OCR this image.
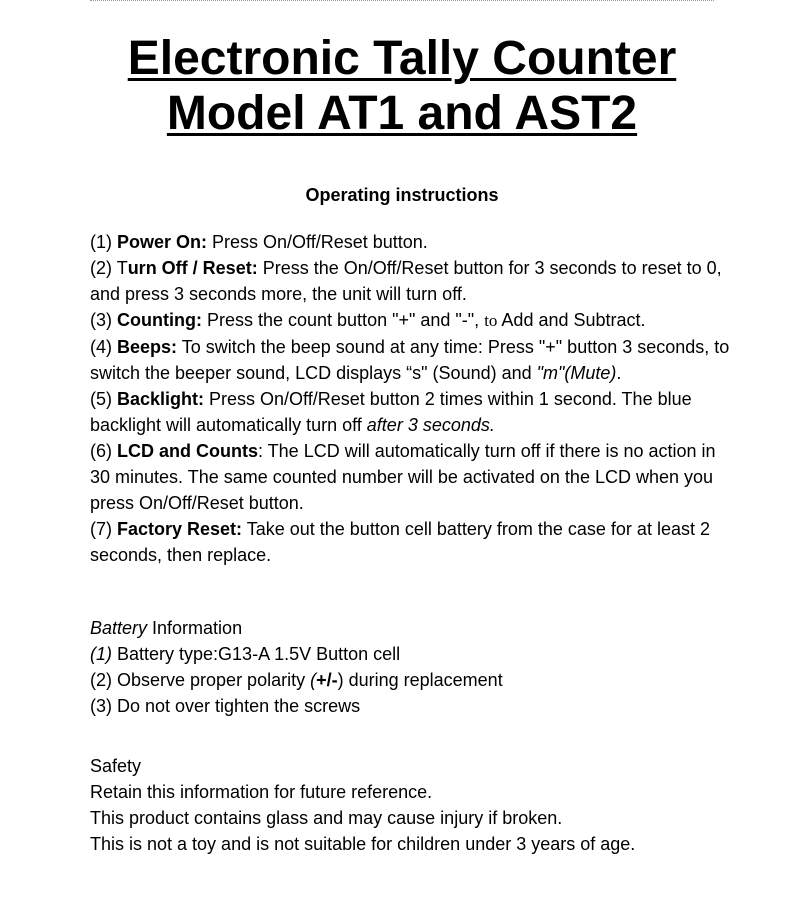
Electronic Tally Counter
Model AT1 and AST2
Operating instructions
(1) Power On: Press On/Off/Reset button.
(2) Turn Off / Reset: Press the On/Off/Reset button for 3 seconds to reset to 0, and press 3 seconds more, the unit will turn off.
(3) Counting: Press the count button "+" and "-", to Add and Subtract.
(4) Beeps: To switch the beep sound at any time: Press "+" button 3 seconds, to switch the beeper sound, LCD displays “s" (Sound) and "m"(Mute).
(5) Backlight: Press On/Off/Reset button 2 times within 1 second. The blue backlight will automatically turn off after 3 seconds.
(6) LCD and Counts: The LCD will automatically turn off if there is no action in 30 minutes. The same counted number will be activated on the LCD when you press On/Off/Reset button.
(7) Factory Reset: Take out the button cell battery from the case for at least 2 seconds, then replace.
Battery Information
(1) Battery type:G13-A 1.5V Button cell
(2) Observe proper polarity (+/-) during replacement
(3) Do not over tighten the screws
Safety
Retain this information for future reference.
This product contains glass and may cause injury if broken.
This is not a toy and is not suitable for children under 3 years of age.
